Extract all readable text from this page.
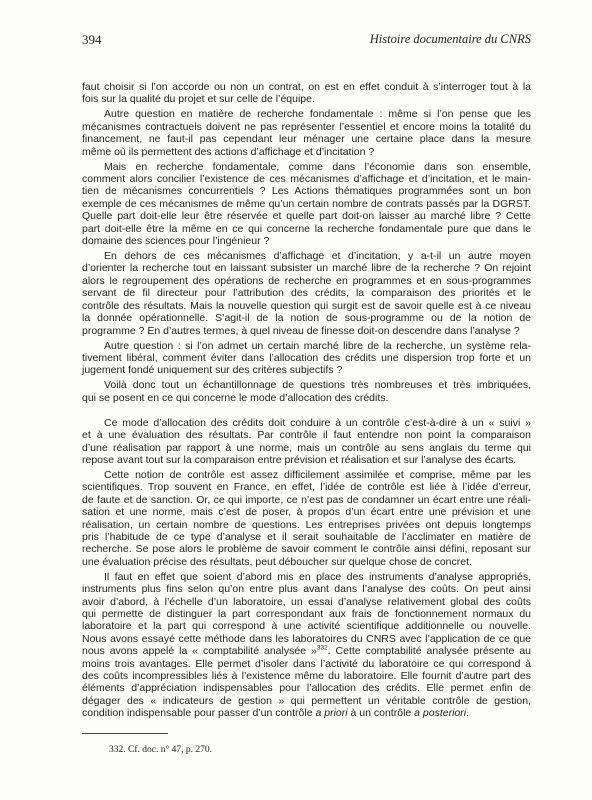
394	Histoire documentaire du CNRS

faut choisir si l’on accorde ou non un contrat, on est en effet conduit à s’interroger tout à la
fois sur la qualité du projet et sur celle de l’équipe.

Autre question en matière de recherche fondamentale : même si l’on pense que les
mécanismes contractuels doivent ne pas représenter l’essentiel et encore moins la totalité du
financement, ne faut-il pas cependant leur ménager une certaine place dans la mesure
même où ils permettent des actions d’affichage et d’incitation ?

Mais en recherche fondamentale, comme dans l’économie dans son ensemble,
comment alors concilier l’existence de ces mécanismes d’affichage et d’incitation, et le main-
tien de mécanismes concurrentiels ? Les Actions thématiques programmées sont un bon
exemple de ces mécanismes de même qu’un certain nombre de contrats passés par la DGRST.
Quelle part doit-elle leur être réservée et quelle part doit-on laisser au marché libre ? Cette
part doit-elle être la même en ce qui concerne la recherche fondamentale pure que dans le
domaine des sciences pour l’ingénieur ?

En dehors de ces mécanismes d’affichage et d’incitation, y a-t-il un autre moyen
d’orienter la recherche tout en laissant subsister un marché libre de la recherche ? On rejoint
alors le regroupement des opérations de recherche en programmes et en sous-programmes
servant de fil directeur pour l’attribution des crédits, la comparaison des priorités et le
contrôle des résultats. Mais la nouvelle question qui surgit est de savoir quelle est à ce niveau
la donnée opérationnelle. S’agit-il de la notion de sous-programme ou de la notion de
programme ? En d’autres termes, à quel niveau de finesse doit-on descendre dans l’analyse ?

Autre question : si l’on admet un certain marché libre de la recherche, un système rela-
tivement libéral, comment éviter dans l’allocation des crédits une dispersion trop forte et un
jugement fondé uniquement sur des critères subjectifs ?

Voilà donc tout un échantillonnage de questions très nombreuses et très imbriquées,
qui se posent en ce qui concerne le mode d’allocation des crédits.

Ce mode d’allocation des crédits doit conduire à un contrôle c’est-à-dire à un « suivi »
et à une évaluation des résultats. Par contrôle il faut entendre non point la comparaison
d’une réalisation par rapport à une norme, mais un contrôle au sens anglais du terme qui
repose avant tout sur la comparaison entre prévision et réalisation et sur l’analyse des écarts.

Cette notion de contrôle est assez difficilement assimilée et comprise, même par les
scientifiques. Trop souvent en France, en effet, l’idée de contrôle est liée à l’idée d’erreur,
de faute et de sanction. Or, ce qui importe, ce n’est pas de condamner un écart entre une réali-
sation et une norme, mais c’est de poser, à propos d’un écart entre une prévision et une
réalisation, un certain nombre de questions. Les entreprises privées ont depuis longtemps
pris l’habitude de ce type d’analyse et il serait souhaitable de l’acclimater en matière de
recherche. Se pose alors le problème de savoir comment le contrôle ainsi défini, reposant sur
une évaluation précise des résultats, peut déboucher sur quelque chose de concret.

Il faut en effet que soient d’abord mis en place des instruments d’analyse appropriés,
instruments plus fins selon qu’on entre plus avant dans l’analyse des coûts. On peut ainsi
avoir d’abord, à l’échelle d’un laboratoire, un essai d’analyse relativement global des coûts
qui permette de distinguer la part correspondant aux frais de fonctionnement normaux du
laboratoire et la part qui correspond à une activité scientifique additionnelle ou nouvelle.
Nous avons essayé cette méthode dans les laboratoires du CNRS avec l’application de ce que
nous avons appelé la « comptabilité analysée »$^{332}$. Cette comptabilité analysée présente au
moins trois avantages. Elle permet d’isoler dans l’activité du laboratoire ce qui correspond à
des coûts incompressibles liés à l’existence même du laboratoire. Elle fournit d’autre part des
éléments d’appréciation indispensables pour l’allocation des crédits. Elle permet enfin de
dégager des « indicateurs de gestion » qui permettent un véritable contrôle de gestion,
condition indispensable pour passer d’un contrôle a priori à un contrôle a posteriori.

332. Cf. doc. n° 47, p. 270.
